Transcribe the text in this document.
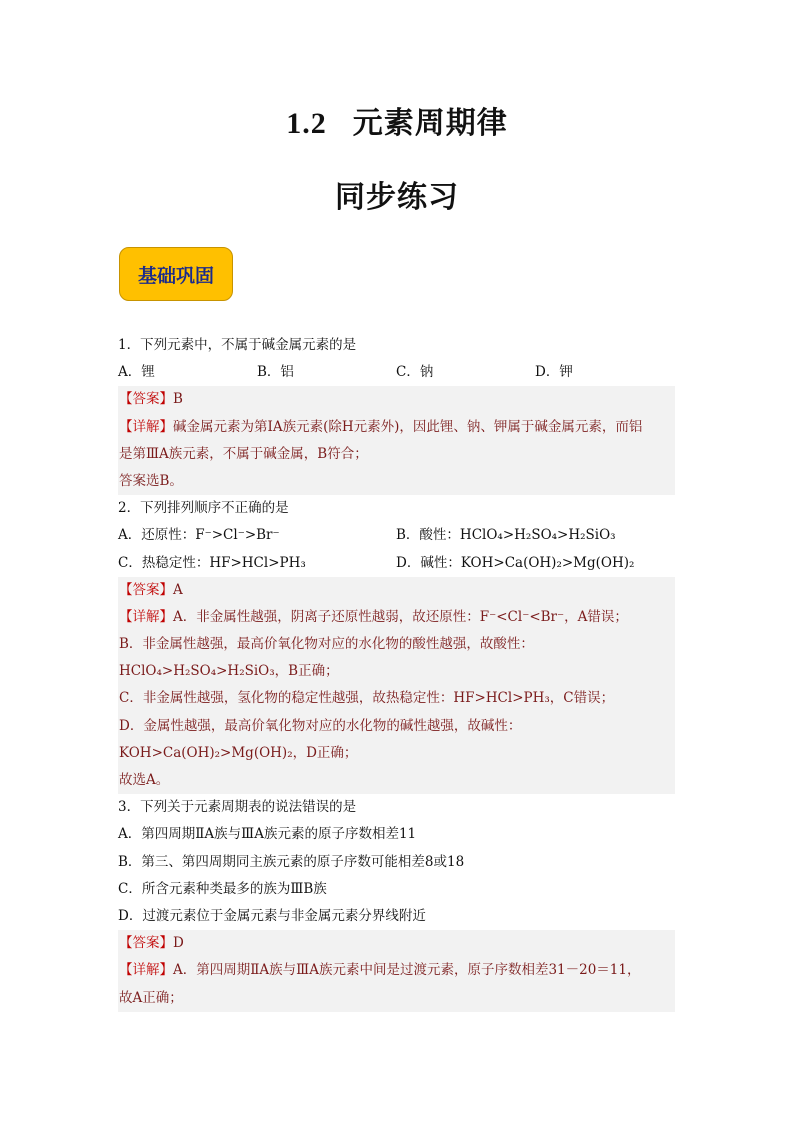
1.2 元素周期律
同步练习
基础巩固
1．下列元素中，不属于碱金属元素的是
A．锂	B．铝	C．钠	D．钾
【答案】B
【详解】碱金属元素为第ⅠA族元素(除H元素外)，因此锂、钠、钾属于碱金属元素，而铝
是第ⅢA族元素，不属于碱金属，B符合；
答案选B。
2．下列排列顺序不正确的是
A．还原性：F⁻>Cl⁻>Br⁻	B．酸性：HClO₄>H₂SO₄>H₂SiO₃
C．热稳定性：HF>HCl>PH₃	D．碱性：KOH>Ca(OH)₂>Mg(OH)₂
【答案】A
【详解】A．非金属性越强，阴离子还原性越弱，故还原性：F⁻<Cl⁻<Br⁻，A错误；
B．非金属性越强，最高价氧化物对应的水化物的酸性越强，故酸性：
HClO₄>H₂SO₄>H₂SiO₃，B正确；
C．非金属性越强，氢化物的稳定性越强，故热稳定性：HF>HCl>PH₃，C错误；
D．金属性越强，最高价氧化物对应的水化物的碱性越强，故碱性：
KOH>Ca(OH)₂>Mg(OH)₂，D正确；
故选A。
3．下列关于元素周期表的说法错误的是
A．第四周期ⅡA族与ⅢA族元素的原子序数相差11
B．第三、第四周期同主族元素的原子序数可能相差8或18
C．所含元素种类最多的族为ⅢB族
D．过渡元素位于金属元素与非金属元素分界线附近
【答案】D
【详解】A．第四周期ⅡA族与ⅢA族元素中间是过渡元素，原子序数相差31－20＝11，
故A正确；
